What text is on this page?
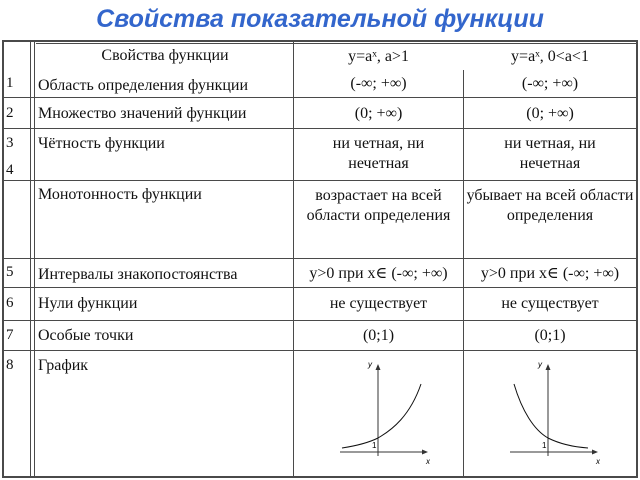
Свойства показательной функции
Свойства функции	y=aˣ, a>1	y=aˣ, 0<a<1
1
2
3
4
5
6
7
8
Область определения функции
Множество значений функции
Чётность функции
Монотонность функции
Интервалы знакопостоянства
Нули функции
Особые точки
График
(-∞; +∞)
(0; +∞)
ни четная, ни нечетная
возрастает на всей области определения
y>0 при x∈ (-∞; +∞)
не существует
(0;1)
(-∞; +∞)
(0; +∞)
ни четная, ни нечетная
убывает на всей области определения
y>0 при x∈ (-∞; +∞)
не существует
(0;1)
y
1
x
y
1
x
